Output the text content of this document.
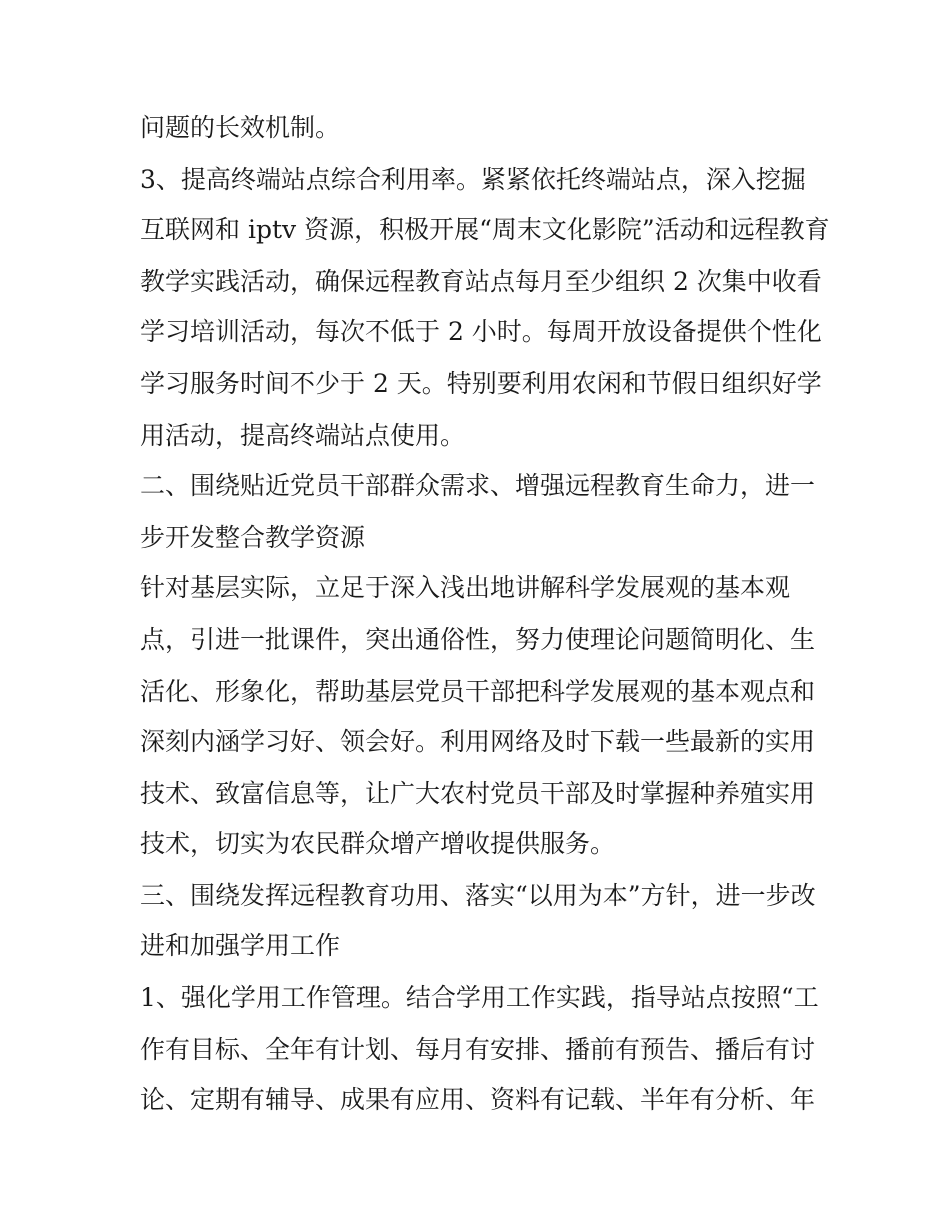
问题的长效机制。

3、提高终端站点综合利用率。紧紧依托终端站点，深入挖掘

互联网和 iptv 资源，积极开展“周末文化影院”活动和远程教育

教学实践活动，确保远程教育站点每月至少组织 2 次集中收看

学习培训活动，每次不低于 2 小时。每周开放设备提供个性化

学习服务时间不少于 2 天。特别要利用农闲和节假日组织好学

用活动，提高终端站点使用。

二、围绕贴近党员干部群众需求、增强远程教育生命力，进一

步开发整合教学资源

针对基层实际，立足于深入浅出地讲解科学发展观的基本观

点，引进一批课件，突出通俗性，努力使理论问题简明化、生

活化、形象化，帮助基层党员干部把科学发展观的基本观点和

深刻内涵学习好、领会好。利用网络及时下载一些最新的实用

技术、致富信息等，让广大农村党员干部及时掌握种养殖实用

技术，切实为农民群众增产增收提供服务。

三、围绕发挥远程教育功用、落实“以用为本”方针，进一步改

进和加强学用工作

1、强化学用工作管理。结合学用工作实践，指导站点按照“工

作有目标、全年有计划、每月有安排、播前有预告、播后有讨

论、定期有辅导、成果有应用、资料有记载、半年有分析、年
